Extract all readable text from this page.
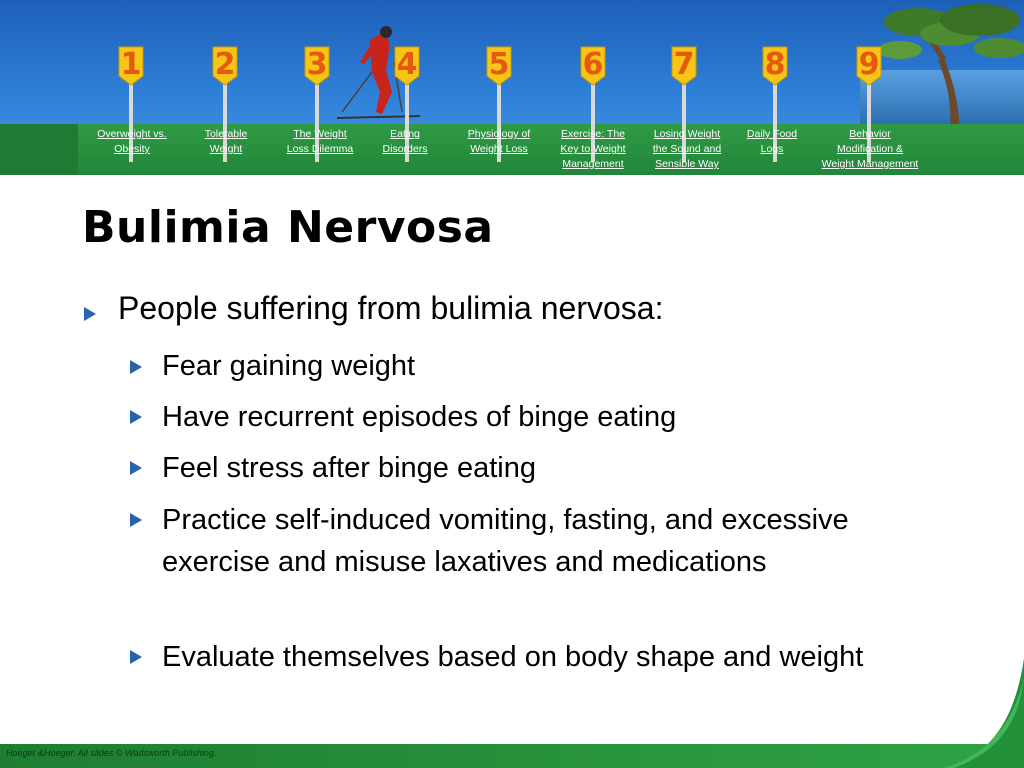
1 2 3 4 5 6 7 8 9
Overweight vs.
Obesity
Tolerable
Weight
The Weight
Loss Dilemma
Eating
Disorders
Physiology of
Weight Loss
Exercise: The
Key to Weight
Management
Losing Weight
the Sound and
Sensible Way
Daily Food
Logs
Behavior
Modification &
Weight Management
Bulimia Nervosa
People suffering from bulimia nervosa:
Fear gaining weight
Have recurrent episodes of binge eating
Feel stress after binge eating
Practice self-induced vomiting, fasting, and excessive exercise and misuse laxatives and medications
Evaluate themselves based on body shape and weight
Hoeger &Hoeger. All slides © Wadsworth Publishing.
